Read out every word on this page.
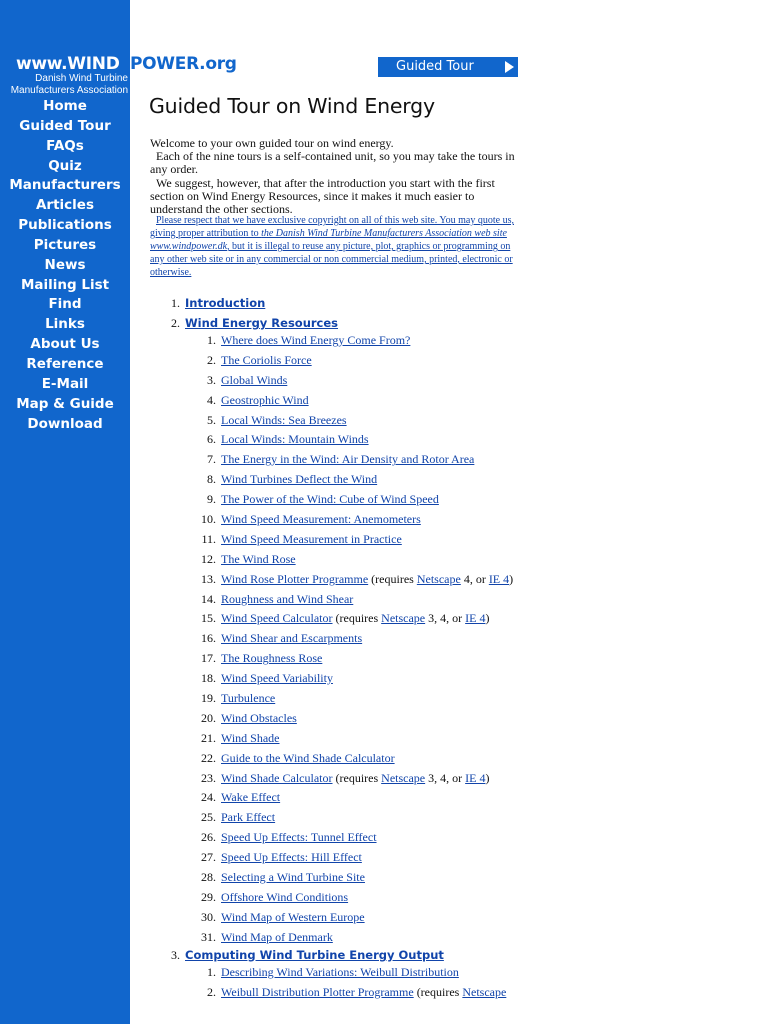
www.WIND
Danish Wind Turbine
Manufacturers Association
Home
Guided Tour
FAQs
Quiz
Manufacturers
Articles
Publications
Pictures
News
Mailing List
Find
Links
About Us
Reference
E-Mail
Map & Guide
Download
POWER.org	Guided Tour
Guided Tour on Wind Energy

Welcome to your own guided tour on wind energy.

Each of the nine tours is a self-contained unit, so you may take the tours in any order.

We suggest, however, that after the introduction you start with the first section on Wind Energy Resources, since it makes it much easier to understand the other sections.

Please respect that we have exclusive copyright on all of this web site. You may quote us, giving proper attribution to the Danish Wind Turbine Manufacturers Association web site www.windpower.dk, but it is illegal to reuse any picture, plot, graphics or programming on any other web site or in any commercial or non commercial medium, printed, electronic or otherwise.
1. Introduction
2. Wind Energy Resources
1. Where does Wind Energy Come From?
2. The Coriolis Force
3. Global Winds
4. Geostrophic Wind
5. Local Winds: Sea Breezes
6. Local Winds: Mountain Winds
7. The Energy in the Wind: Air Density and Rotor Area
8. Wind Turbines Deflect the Wind
9. The Power of the Wind: Cube of Wind Speed
10. Wind Speed Measurement: Anemometers
11. Wind Speed Measurement in Practice
12. The Wind Rose
13. Wind Rose Plotter Programme (requires Netscape 4, or IE 4)
14. Roughness and Wind Shear
15. Wind Speed Calculator (requires Netscape 3, 4, or IE 4)
16. Wind Shear and Escarpments
17. The Roughness Rose
18. Wind Speed Variability
19. Turbulence
20. Wind Obstacles
21. Wind Shade
22. Guide to the Wind Shade Calculator
23. Wind Shade Calculator (requires Netscape 3, 4, or IE 4)
24. Wake Effect
25. Park Effect
26. Speed Up Effects: Tunnel Effect
27. Speed Up Effects: Hill Effect
28. Selecting a Wind Turbine Site
29. Offshore Wind Conditions
30. Wind Map of Western Europe
31. Wind Map of Denmark
3. Computing Wind Turbine Energy Output
1. Describing Wind Variations: Weibull Distribution
2. Weibull Distribution Plotter Programme (requires Netscape
